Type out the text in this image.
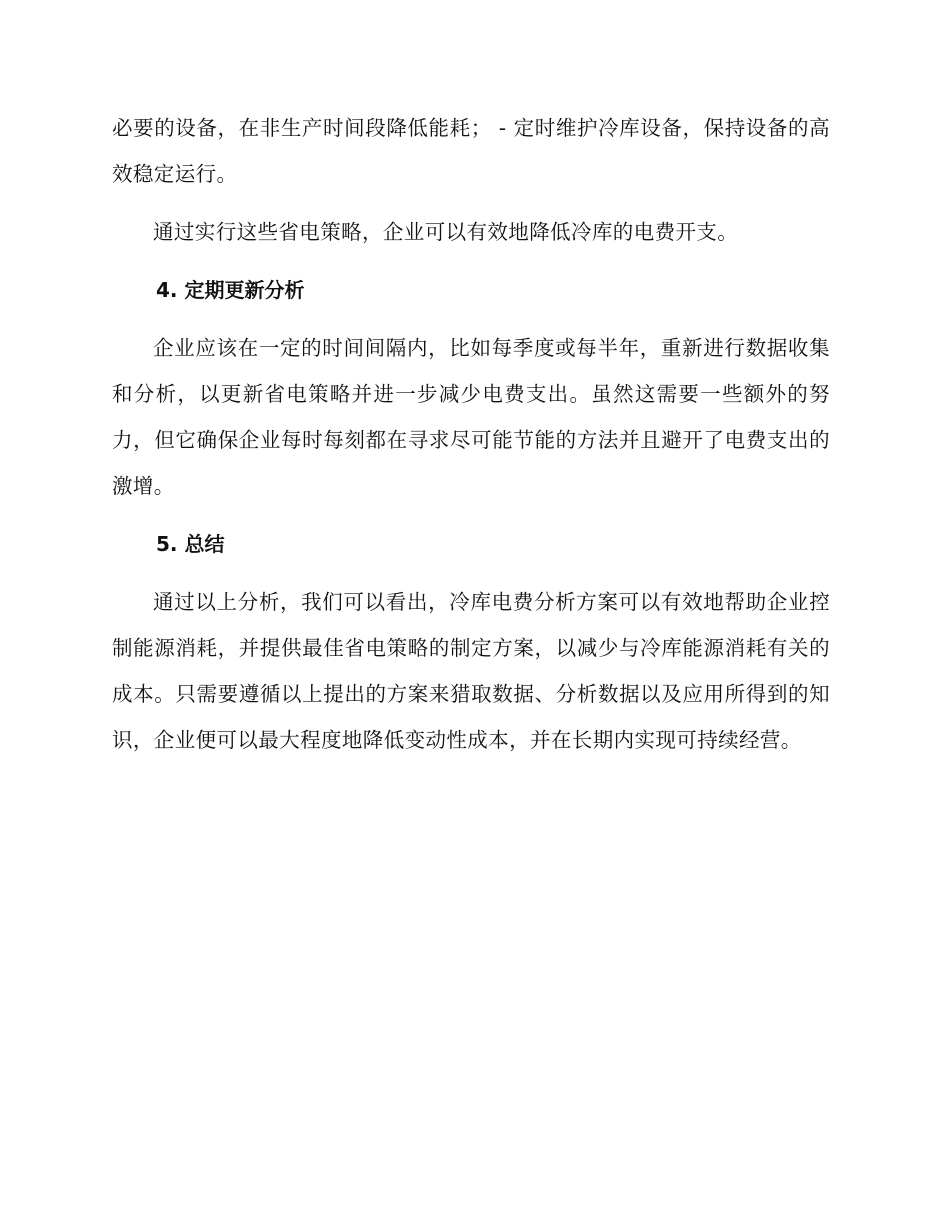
必要的设备，在非生产时间段降低能耗； - 定时维护冷库设备，保持设备的高效稳定运行。

通过实行这些省电策略，企业可以有效地降低冷库的电费开支。

4. 定期更新分析

企业应该在一定的时间间隔内，比如每季度或每半年，重新进行数据收集和分析，以更新省电策略并进一步减少电费支出。虽然这需要一些额外的努力，但它确保企业每时每刻都在寻求尽可能节能的方法并且避开了电费支出的激增。

5. 总结

通过以上分析，我们可以看出，冷库电费分析方案可以有效地帮助企业控制能源消耗，并提供最佳省电策略的制定方案，以减少与冷库能源消耗有关的成本。只需要遵循以上提出的方案来猎取数据、分析数据以及应用所得到的知识，企业便可以最大程度地降低变动性成本，并在长期内实现可持续经营。
